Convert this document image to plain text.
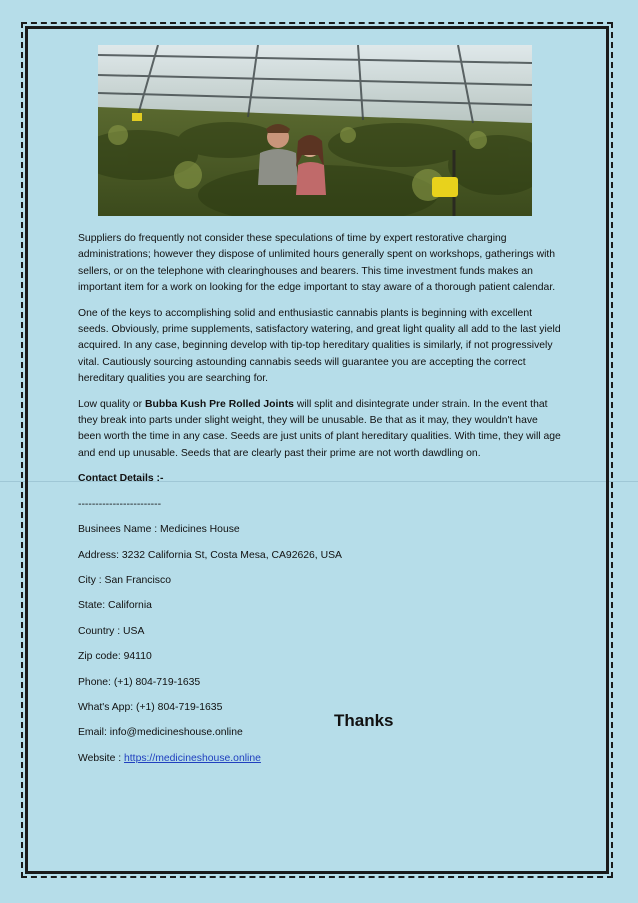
Suppliers do frequently not consider these speculations of time by expert restorative charging administrations; however they dispose of unlimited hours generally spent on workshops, gatherings with sellers, or on the telephone with clearinghouses and bearers. This time investment funds makes an important item for a work on looking for the edge important to stay aware of a thorough patient calendar.

One of the keys to accomplishing solid and enthusiastic cannabis plants is beginning with excellent seeds. Obviously, prime supplements, satisfactory watering, and great light quality all add to the last yield acquired. In any case, beginning develop with tip-top hereditary qualities is similarly, if not progressively vital. Cautiously sourcing astounding cannabis seeds will guarantee you are accepting the correct hereditary qualities you are searching for.

Low quality or Bubba Kush Pre Rolled Joints will split and disintegrate under strain. In the event that they break into parts under slight weight, they will be unusable. Be that as it may, they wouldn't have been worth the time in any case. Seeds are just units of plant hereditary qualities. With time, they will age and end up unusable. Seeds that are clearly past their prime are not worth dawdling on.

Contact Details :-

------------------------

Businees Name : Medicines House

Address: 3232 California St, Costa Mesa, CA92626, USA

City : San Francisco

State: California

Country : USA

Zip code: 94110

Phone: (+1) 804-719-1635

What's App: (+1) 804-719-1635

Email: info@medicineshouse.online

Website : https://medicineshouse.online

Thanks
